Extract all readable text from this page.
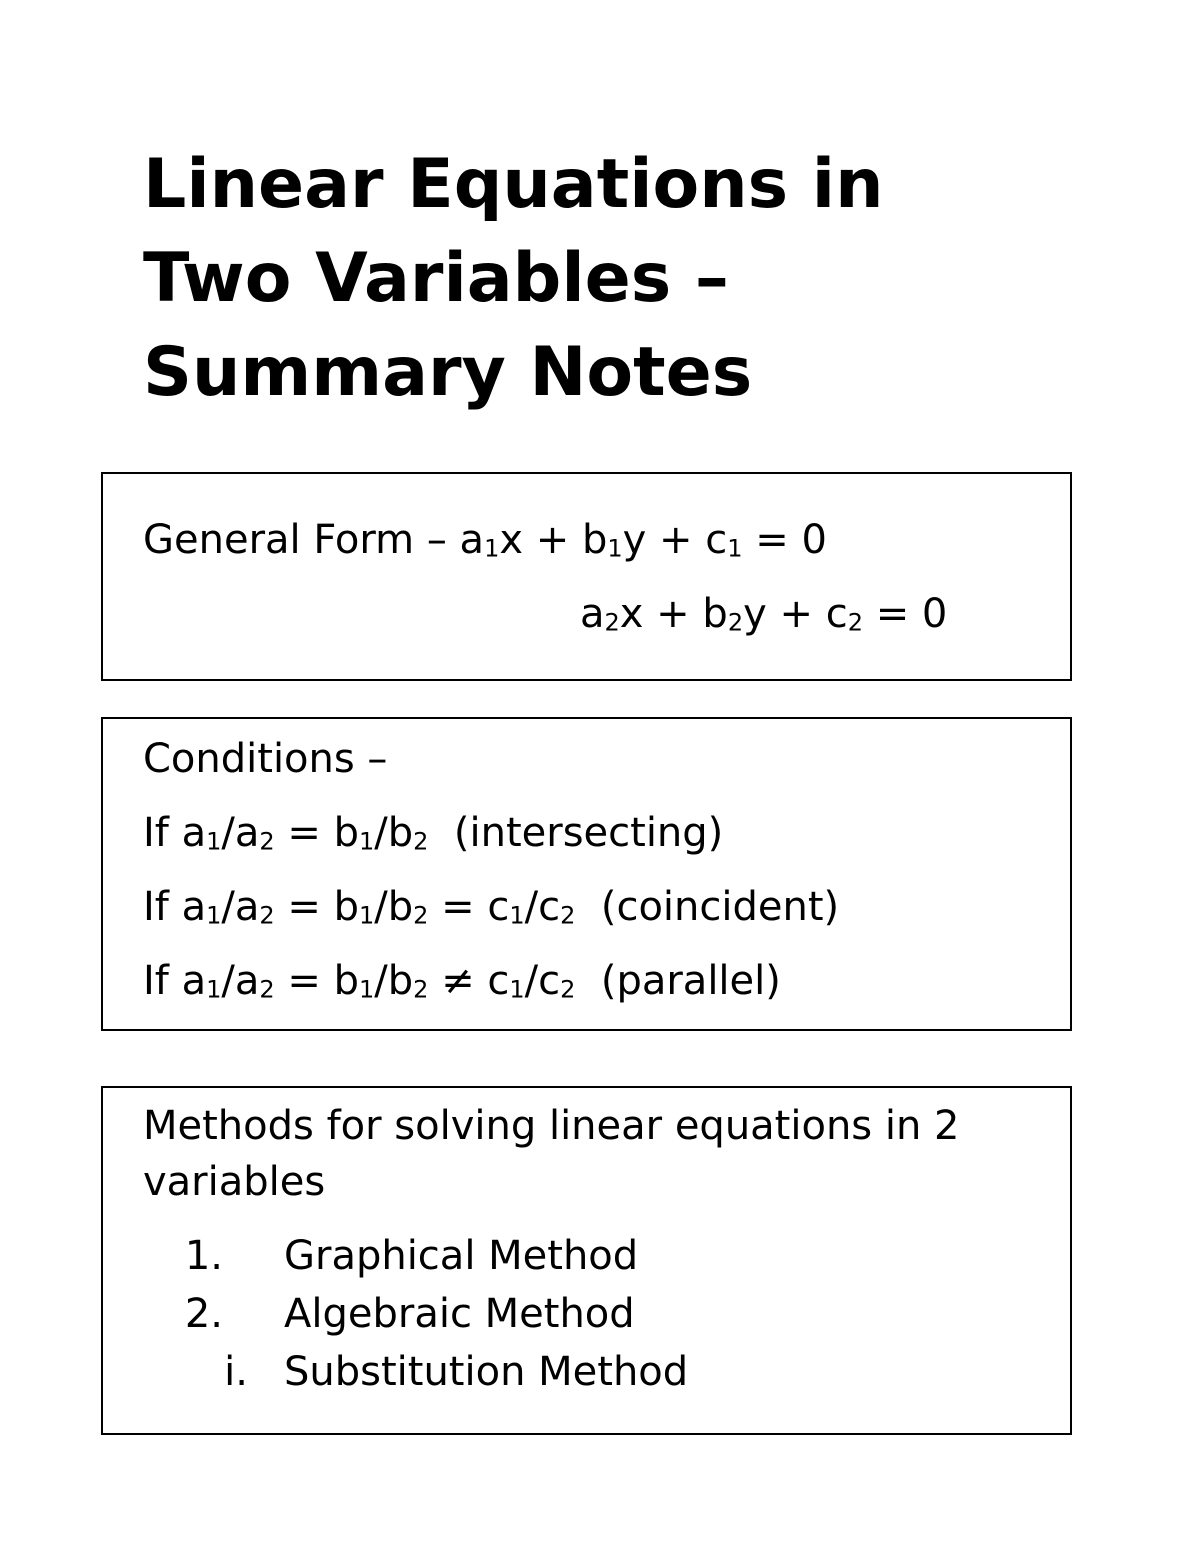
Linear Equations in
Two Variables –
Summary Notes
General Form – $a_1x + b_1y + c_1 = 0$
$a_2x + b_2y + c_2 = 0$
Conditions –
If $a_1/a_2 = b_1/b_2$  (intersecting)
If $a_1/a_2 = b_1/b_2 = c_1/c_2$  (coincident)
If $a_1/a_2 = b_1/b_2 \ne c_1/c_2$  (parallel)
Methods for solving linear equations in 2
variables
1. Graphical Method
2. Algebraic Method
i. Substitution Method
